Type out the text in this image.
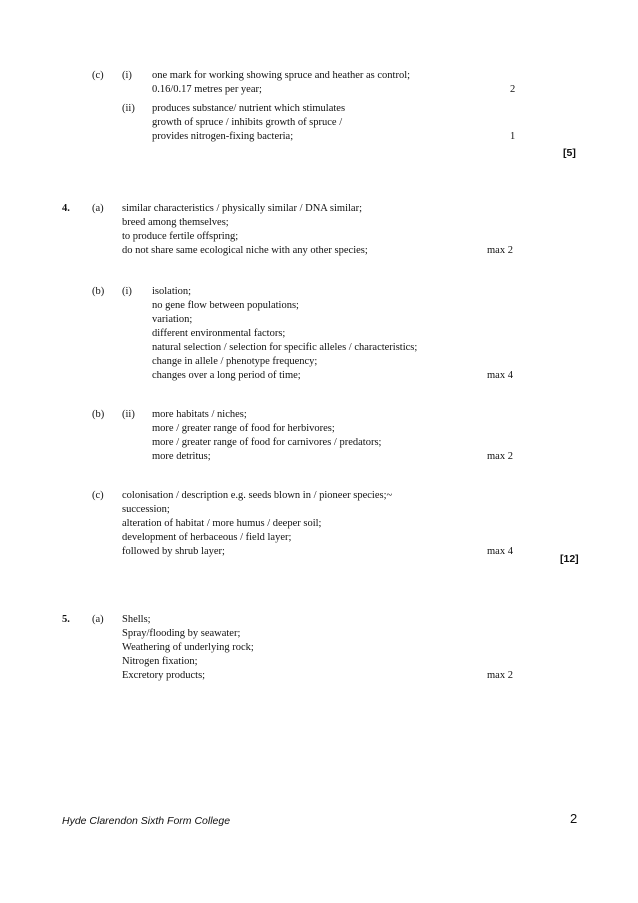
(c) (i) one mark for working showing spruce and heather as control;
0.16/0.17 metres per year;	2
(ii) produces substance/ nutrient which stimulates
growth of spruce / inhibits growth of spruce /
provides nitrogen-fixing bacteria;	1
[5]
4. (a) similar characteristics / physically similar / DNA similar;
breed among themselves;
to produce fertile offspring;
do not share same ecological niche with any other species;	max 2
(b) (i) isolation;
no gene flow between populations;
variation;
different environmental factors;
natural selection / selection for specific alleles / characteristics;
change in allele / phenotype frequency;
changes over a long period of time;	max 4
(b) (ii) more habitats / niches;
more / greater range of food for herbivores;
more / greater range of food for carnivores / predators;
more detritus;	max 2
(c) colonisation / description e.g. seeds blown in / pioneer species;~
succession;
alteration of habitat / more humus / deeper soil;
development of herbaceous / field layer;
followed by shrub layer;	max 4
[12]
5. (a) Shells;
Spray/flooding by seawater;
Weathering of underlying rock;
Nitrogen fixation;
Excretory products;	max 2
Hyde Clarendon Sixth Form College	2
